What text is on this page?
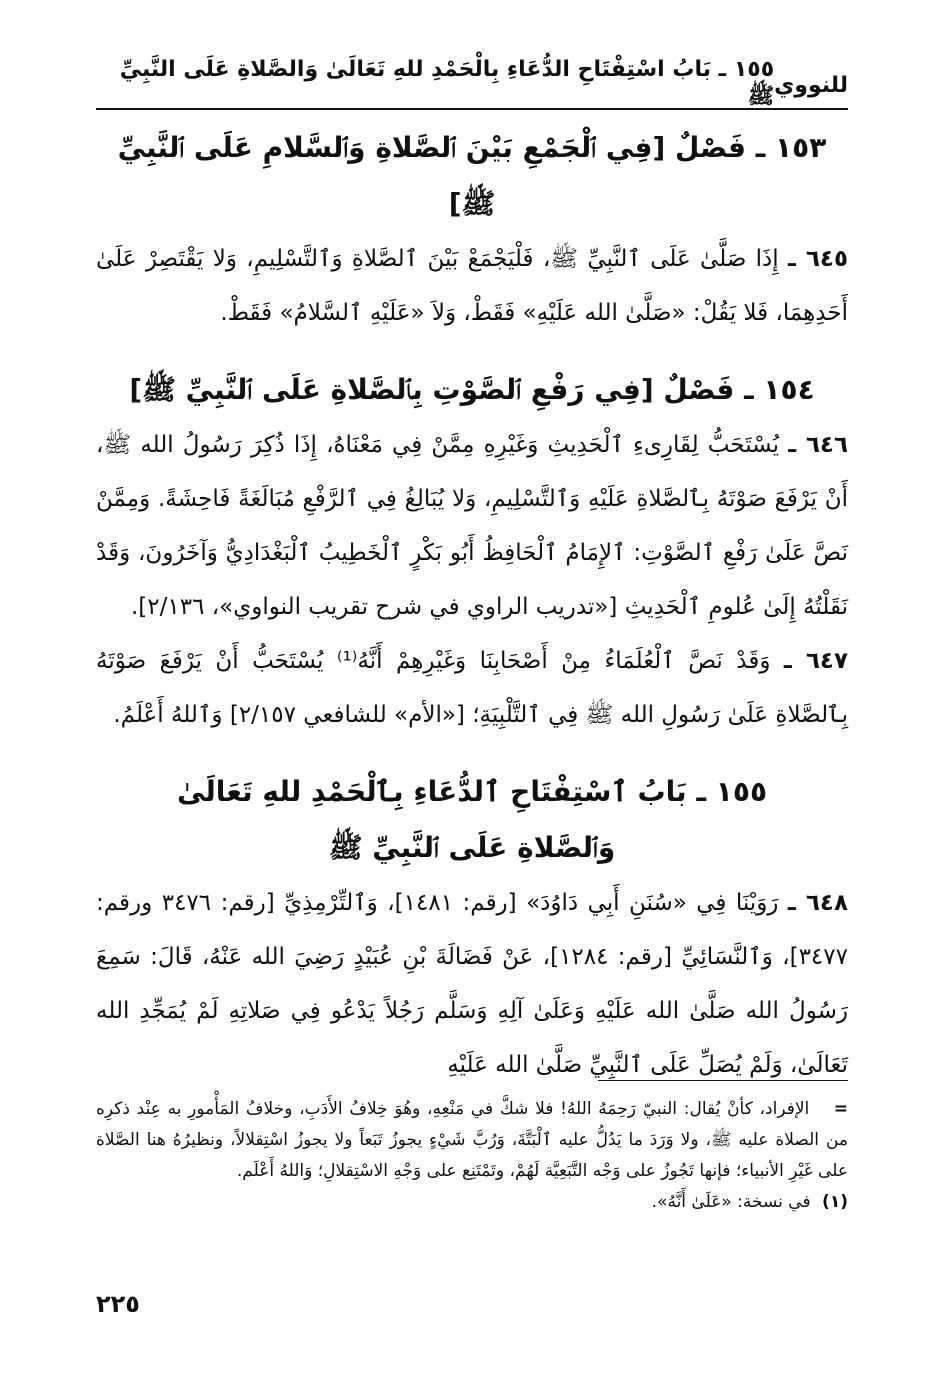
للنووي
١٥٥ ـ بَابُ اسْتِفْتَاحِ الدُّعَاءِ بِالْحَمْدِ للهِ تَعَالَىٰ وَالصَّلاةِ عَلَى النَّبِيِّ ﷺ
١٥٣ ـ فَصْلٌ [فِي ٱلْجَمْعِ بَيْنَ ٱلصَّلاةِ وَٱلسَّلامِ عَلَى ٱلنَّبِيِّ ﷺ]

٦٤٥ ـ إِذَا صَلَّىٰ عَلَى ٱلنَّبِيِّ ﷺ، فَلْيَجْمَعْ بَيْنَ ٱلصَّلاةِ وَٱلتَّسْلِيمِ، وَلا يَقْتَصِرْ عَلَىٰ أَحَدِهِمَا، فَلا يَقُلْ: «صَلَّىٰ الله عَلَيْهِ» فَقَطْ، وَلاَ «عَلَيْهِ ٱلسَّلامُ» فَقَطْ.

١٥٤ ـ فَصْلٌ [فِي رَفْعِ ٱلصَّوْتِ بِٱلصَّلاةِ عَلَى ٱلنَّبِيِّ ﷺ]

٦٤٦ ـ يُسْتَحَبُّ لِقَارِىءِ ٱلْحَدِيثِ وَغَيْرِهِ مِمَّنْ فِي مَعْنَاهُ، إِذَا ذُكِرَ رَسُولُ الله ﷺ، أَنْ يَرْفَعَ صَوْتَهُ بِٱلصَّلاةِ عَلَيْهِ وَٱلتَّسْلِيمِ، وَلا يُبَالِغُ فِي ٱلرَّفْعِ مُبَالَغَةً فَاحِشَةً. وَمِمَّنْ نَصَّ عَلَىٰ رَفْعِ ٱلصَّوْتِ: ٱلإِمَامُ ٱلْحَافِظُ أَبُو بَكْرٍ ٱلْخَطِيبُ ٱلْبَغْدَادِيُّ وَآخَرُونَ، وَقَدْ نَقَلْتُهُ إِلَىٰ عُلومِ ٱلْحَدِيثِ [«تدريب الراوي في شرح تقريب النواوي»، ٢/١٣٦].

٦٤٧ ـ وَقَدْ نَصَّ ٱلْعُلَمَاءُ مِنْ أَصْحَابِنَا وَغَيْرِهِمْ أَنَّهُ⁽¹⁾ يُسْتَحَبُّ أَنْ يَرْفَعَ صَوْتَهُ بِٱلصَّلاةِ عَلَىٰ رَسُولِ الله ﷺ فِي ٱلتَّلْبِيَةِ؛ [«الأم» للشافعي ٢/١٥٧] وَٱللهُ أَعْلَمُ.

١٥٥ ـ بَابُ ٱسْتِفْتَاحِ ٱلدُّعَاءِ بِٱلْحَمْدِ للهِ تَعَالَىٰ
وَٱلصَّلاةِ عَلَى ٱلنَّبِيِّ ﷺ

٦٤٨ ـ رَوَيْنَا فِي «سُنَنِ أَبِي دَاوُدَ» [رقم: ١٤٨١]، وَٱلتِّرْمِذِيِّ [رقم: ٣٤٧٦ ورقم: ٣٤٧٧]، وَٱلنَّسَائِيِّ [رقم: ١٢٨٤]، عَنْ فَضَالَةَ بْنِ عُبَيْدٍ رَضِيَ الله عَنْهُ، قَالَ: سَمِعَ رَسُولُ الله صَلَّىٰ الله عَلَيْهِ وَعَلَىٰ آلِهِ وَسَلَّم رَجُلاً يَدْعُو فِي صَلاتِهِ لَمْ يُمَجِّدِ الله تَعَالَىٰ، وَلَمْ يُصَلِّ عَلَى ٱلنَّبِيِّ صَلَّىٰ الله عَلَيْهِ

= الإفراد، كأنْ يُقال: النبيّ رَحِمَهُ اللهُ! فلا شكَّ في مَنْعِهِ، وهُوَ خِلافُ الأَدَبِ، وخلافُ المَأْمورِ به عِنْد ذكرِه من الصلاة عليه ﷺ، ولا وَرَدَ ما يَدُلُّ عليه ٱلْبَتَّةَ، وَرُبَّ شَيْءٍ يجوزُ تَبَعاً ولا يجوزُ اسْتِقلالاً، ونظيرُهُ هنا الصَّلاة على غَيْرِ الأنبياء؛ فإنها تَجُوزُ على وَجْه التَّبَعِيَّة لَهُمْ، وتَمْتَنِع على وَجْهِ الاسْتِقلالِ؛ وَاللهُ أَعْلَم.

(١) في نسخة: «عَلَىٰ أَنَّهُ».

٢٢٥
